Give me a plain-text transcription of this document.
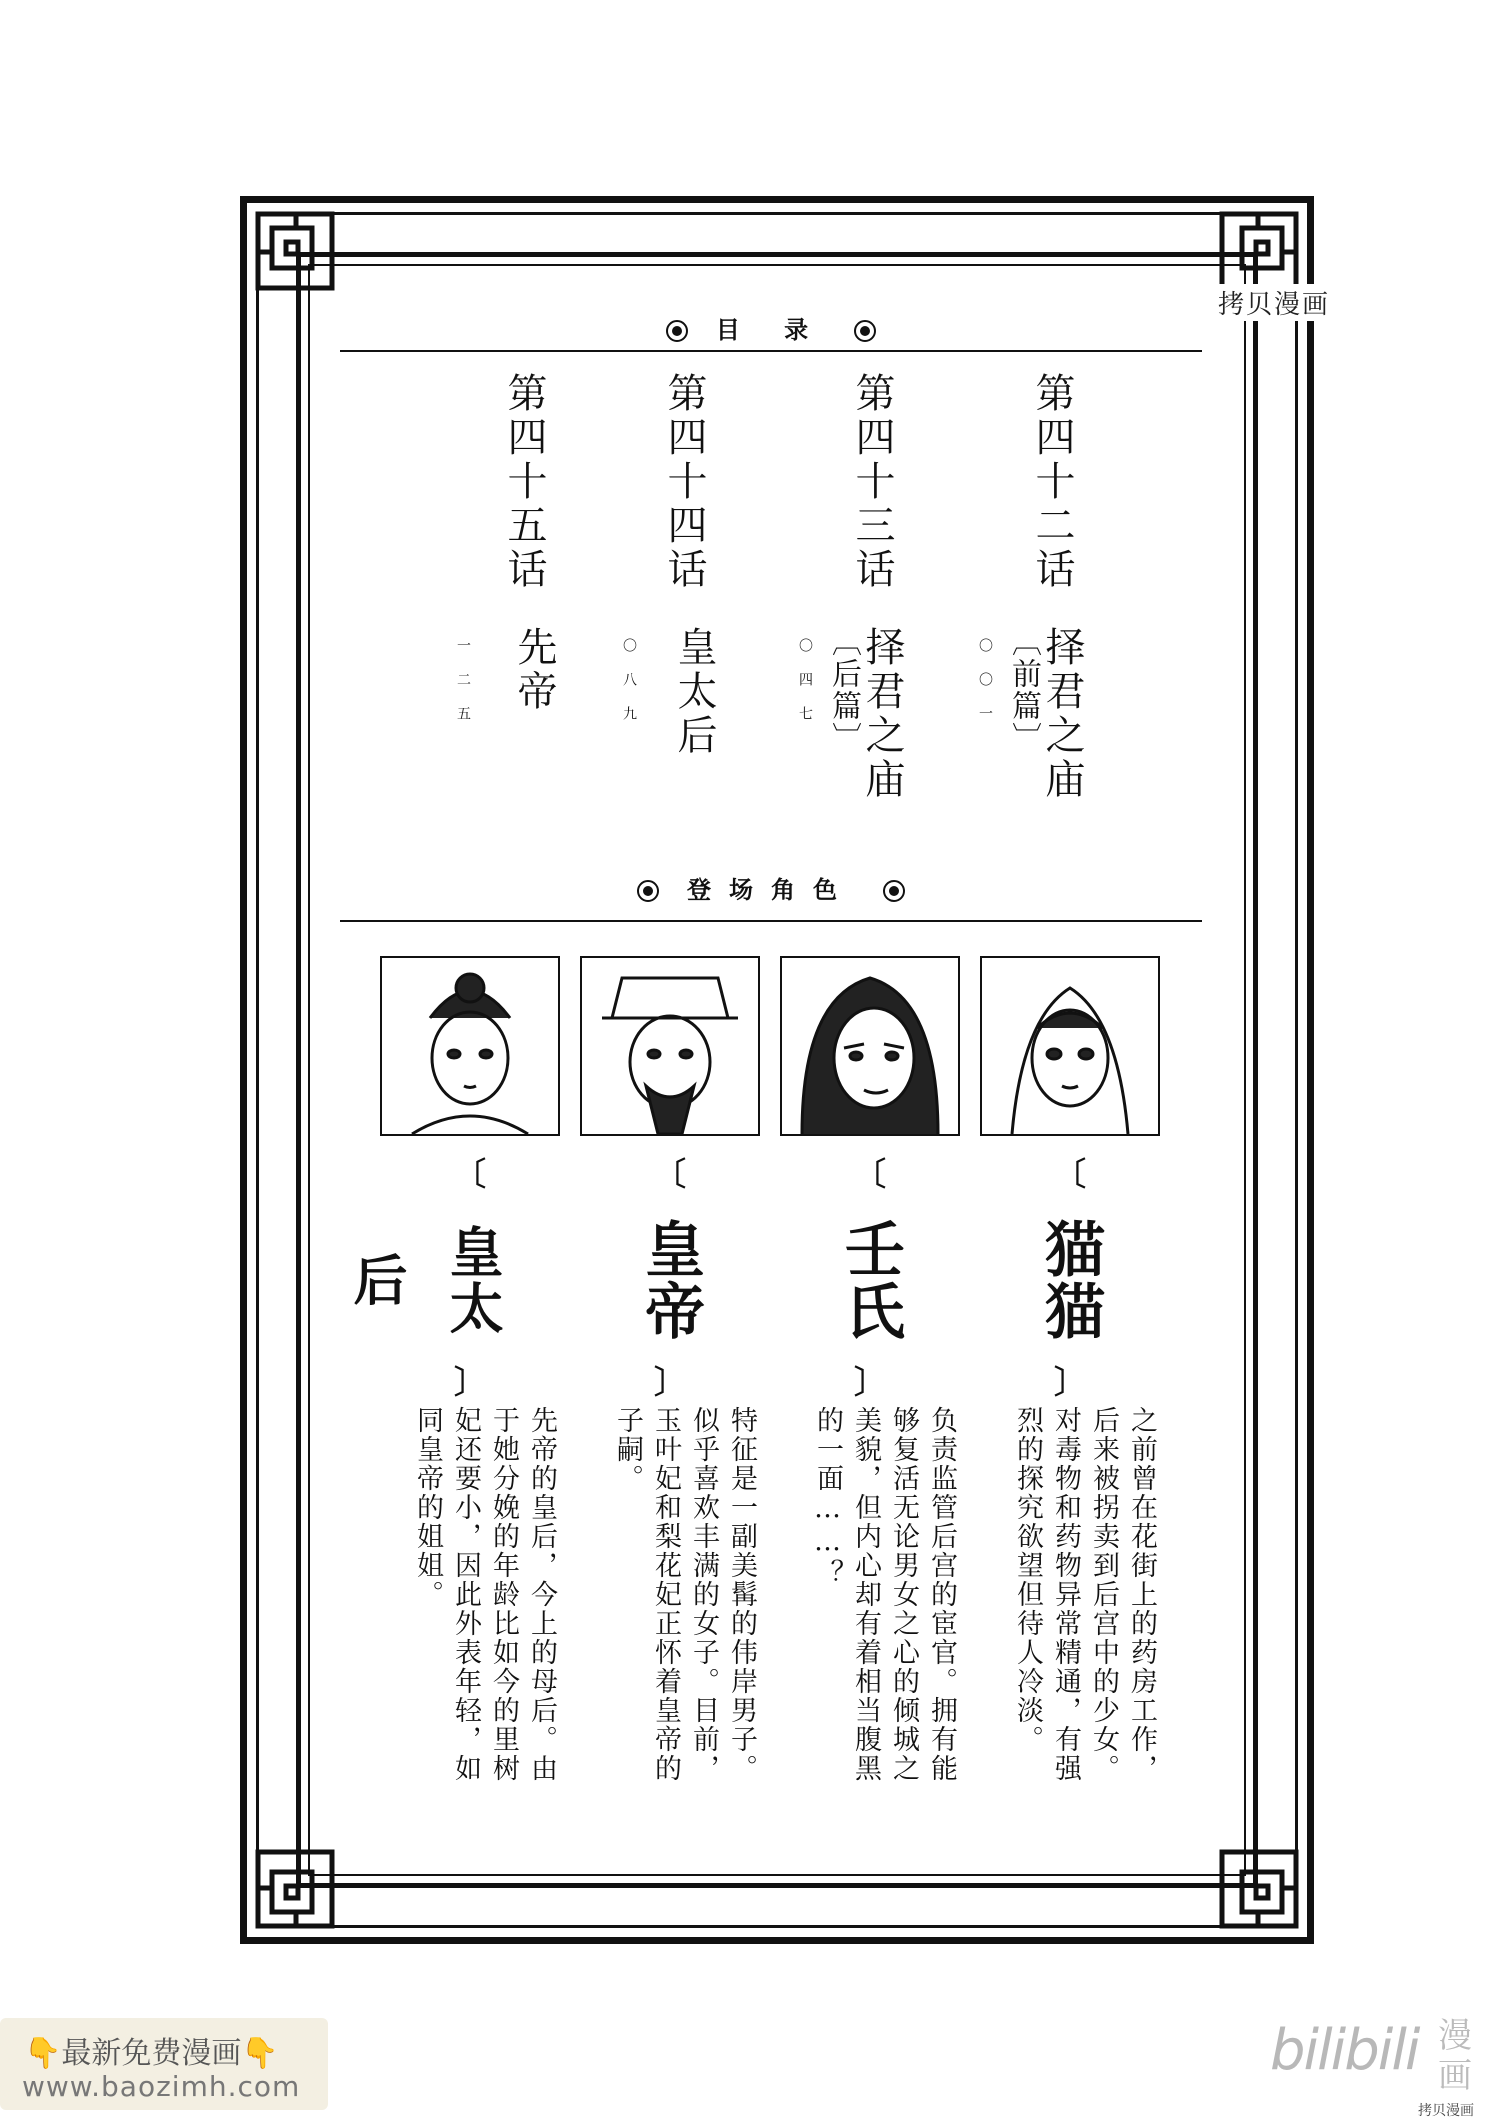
拷贝漫画
目 录
第四十二话
择君之庙
〔前篇〕
〇〇一
第四十三话
择君之庙
〔后篇〕
〇四七
第四十四话
皇太后
〇八九
第四十五话
先帝
一二五
登场角色
〔
猫猫
〕
〔
壬氏
〕
〔
皇帝
〕
〔
皇太后
〕
之前曾在花街上的药房工作，后来被拐卖到后宫中的少女。对毒物和药物异常精通，有强烈的探究欲望但待人冷淡。
负责监管后宫的宦官。拥有能够复活无论男女之心的倾城之美貌，但内心却有着相当腹黑的一面……？
特征是一副美髯的伟岸男子。似乎喜欢丰满的女子。目前，玉叶妃和梨花妃正怀着皇帝的子嗣。
先帝的皇后，今上的母后。由于她分娩的年龄比如今的里树妃还要小，因此外表年轻，如同皇帝的姐姐。
👇最新免费漫画👇
www.baozimh.com
bilibili 漫画
拷贝漫画
